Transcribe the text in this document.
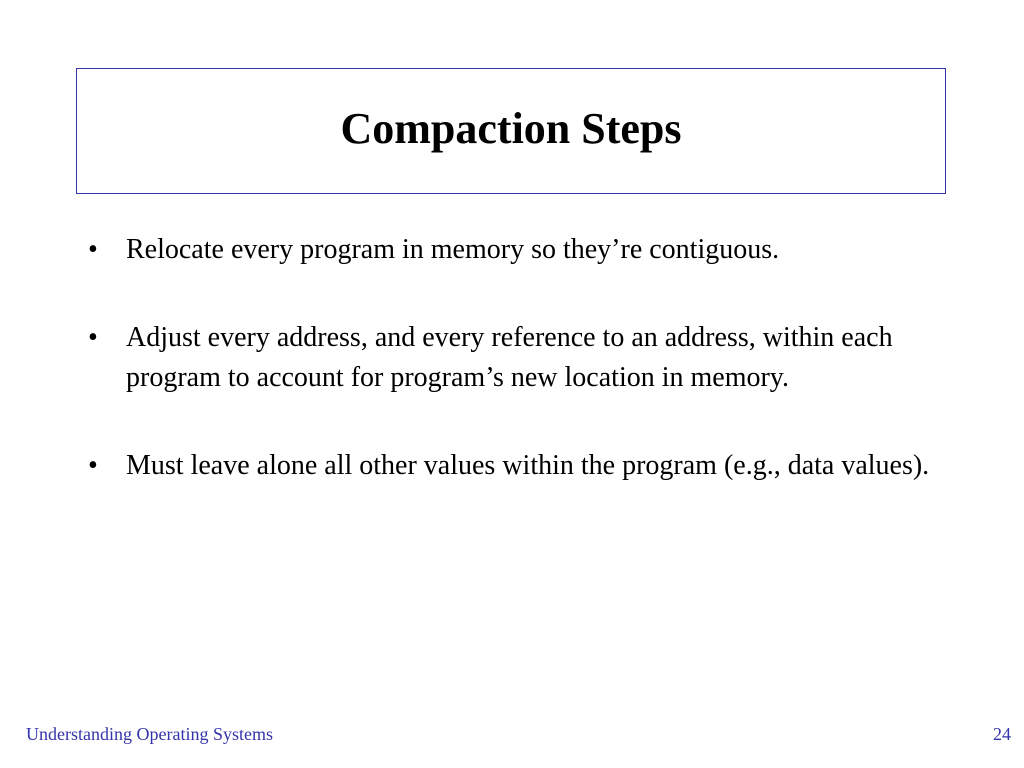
Compaction Steps
• Relocate every program in memory so they’re contiguous.
• Adjust every address, and every reference to an address, within each program to account for program’s new location in memory.
• Must leave alone all other values within the program (e.g., data values).
Understanding Operating Systems	24
